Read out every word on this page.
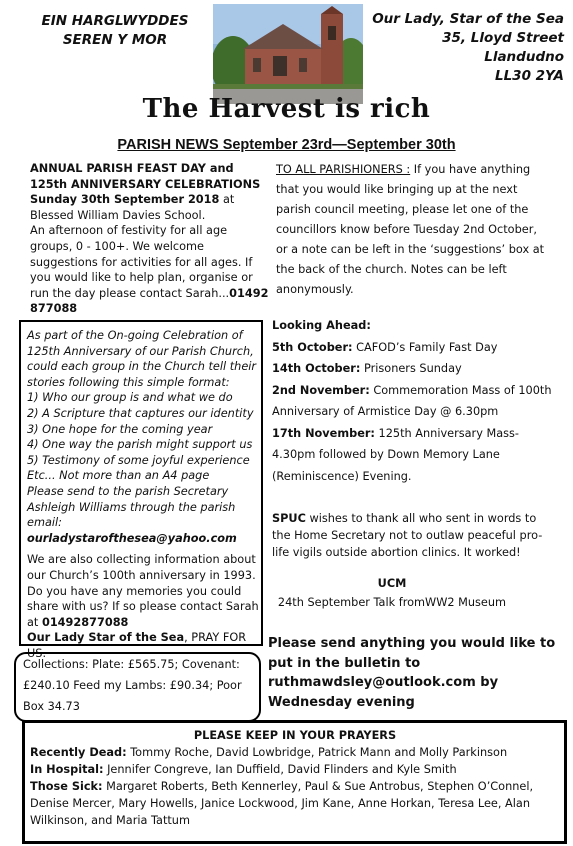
EIN HARGLWYDDES
SEREN Y MOR
Our Lady, Star of the Sea
35, Lloyd Street
Llandudno
LL30 2YA
The Harvest is rich
PARISH NEWS September 23rd—September 30th
ANNUAL PARISH FEAST DAY and 125th ANNIVERSARY CELEBRATIONS
Sunday 30th September 2018 at Blessed William Davies School.
An afternoon of festivity for all age groups, 0 - 100+. We welcome suggestions for activities for all ages. If you would like to help plan, organise or run the day please contact Sarah...01492 877088
TO ALL PARISHIONERS : If you have anything that you would like bringing up at the next parish council meeting, please let one of the councillors know before Tuesday 2nd October, or a note can be left in the ‘suggestions’ box at the back of the church. Notes can be left anonymously.
As part of the On-going Celebration of 125th Anniversary of our Parish Church, could each group in the Church tell their stories following this simple format:
1) Who our group is and what we do
2) A Scripture that captures our identity
3) One hope for the coming year
4) One way the parish might support us
5) Testimony of some joyful experience
Etc... Not more than an A4 page
Please send to the parish Secretary Ashleigh Williams through the parish email:
ourladystaroftheseа@yahoo.com
We are also collecting information about our Church’s 100th anniversary in 1993. Do you have any memories you could share with us? If so please contact Sarah at 01492877088
Our Lady Star of the Sea, PRAY FOR US.
Looking Ahead:
5th October: CAFOD’s Family Fast Day
14th October: Prisoners Sunday
2nd November: Commemoration Mass of 100th Anniversary of Armistice Day @ 6.30pm
17th November: 125th Anniversary Mass- 4.30pm followed by Down Memory Lane (Reminiscence) Evening.
SPUC wishes to thank all who sent in words to the Home Secretary not to outlaw peaceful pro-life vigils outside abortion clinics. It worked!
UCM
24th September Talk fromWW2 Museum
Please send anything you would like to
put in the bulletin to
ruthmawdsley@outlook.com by
Wednesday evening
Collections: Plate: £565.75; Covenant: £240.10 Feed my Lambs: £90.34; Poor Box 34.73
PLEASE KEEP IN YOUR PRAYERS
Recently Dead: Tommy Roche, David Lowbridge, Patrick Mann and Molly Parkinson
In Hospital: Jennifer Congreve, Ian Duffield, David Flinders and Kyle Smith
Those Sick: Margaret Roberts, Beth Kennerley, Paul & Sue Antrobus, Stephen O’Connel, Denise Mercer, Mary Howells, Janice Lockwood, Jim Kane, Anne Horkan, Teresa Lee, Alan Wilkinson, and Maria Tattum
